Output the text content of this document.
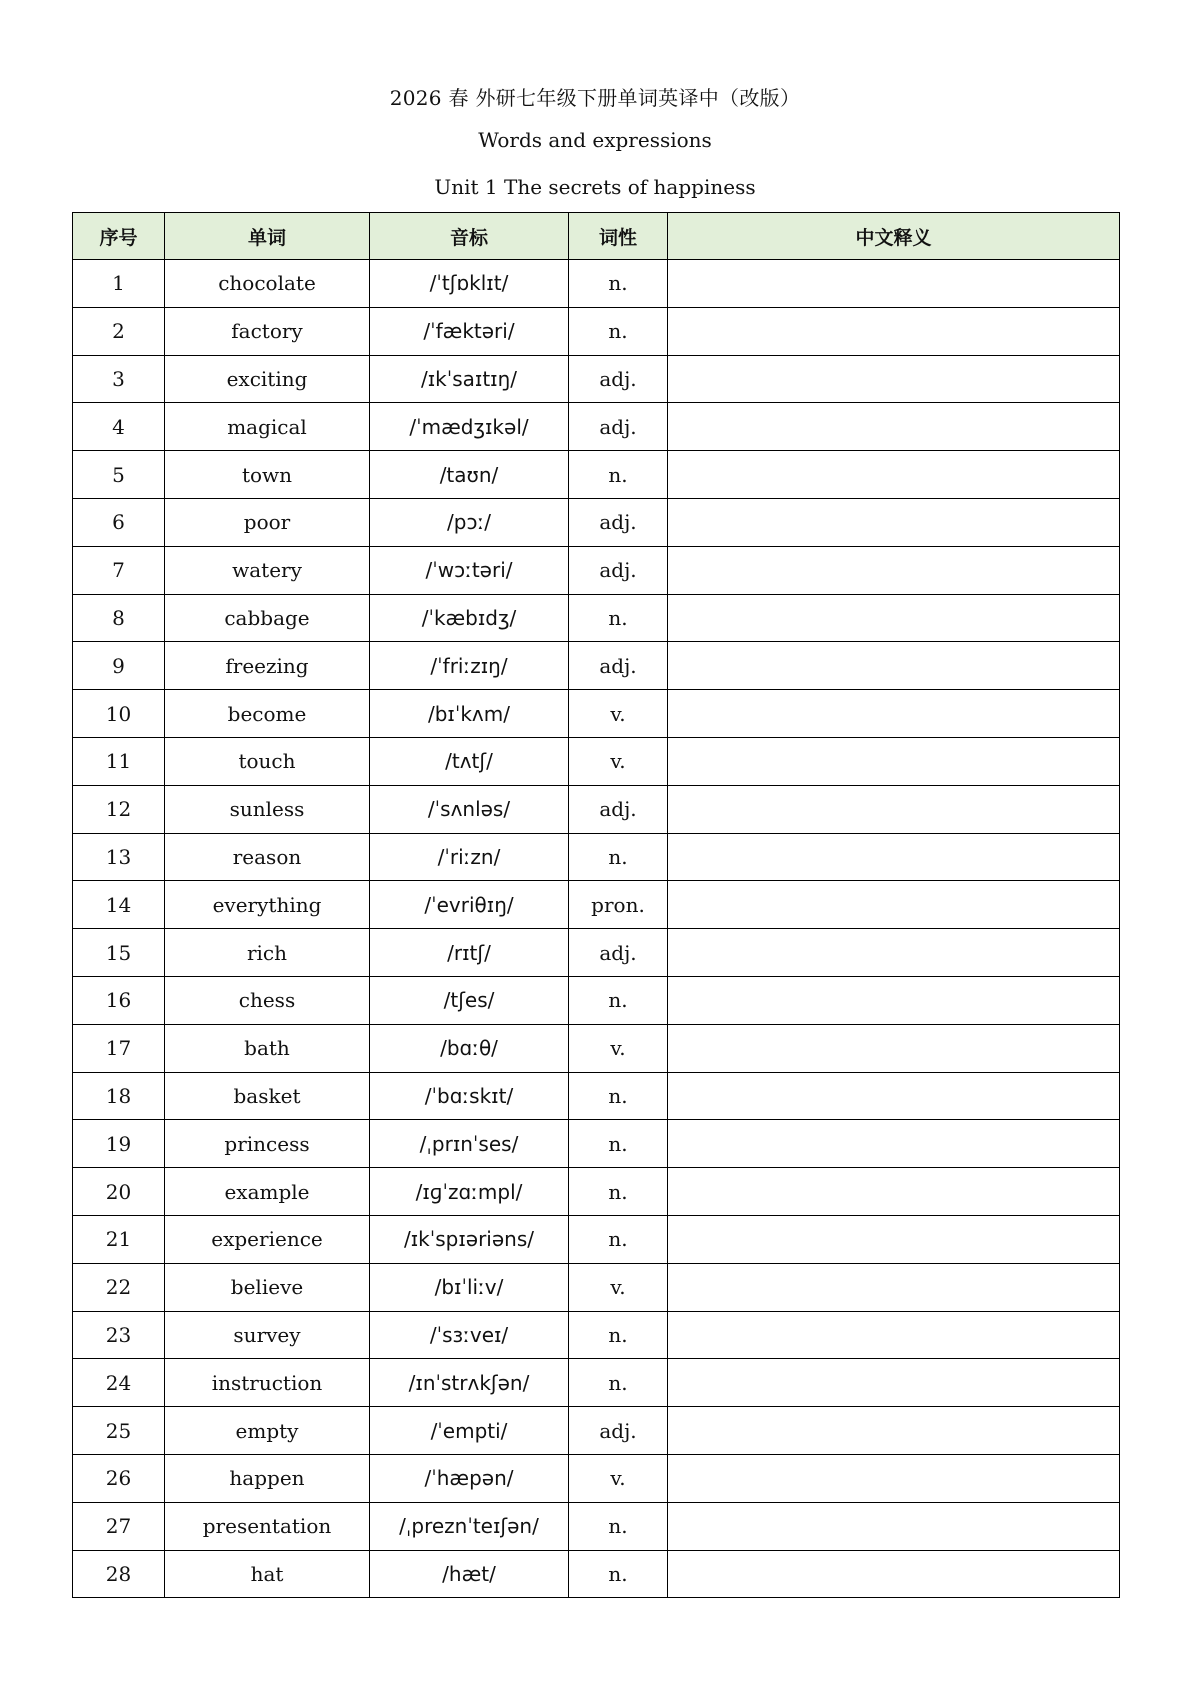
2026 春 外研七年级下册单词英译中（改版）
Words and expressions
Unit 1 The secrets of happiness
序号	单词	音标	词性	中文释义
1	chocolate	/ˈtʃɒklɪt/	n.	
2	factory	/ˈfæktəri/	n.	
3	exciting	/ɪkˈsaɪtɪŋ/	adj.	
4	magical	/ˈmædʒɪkəl/	adj.	
5	town	/taʊn/	n.	
6	poor	/pɔː/	adj.	
7	watery	/ˈwɔːtəri/	adj.	
8	cabbage	/ˈkæbɪdʒ/	n.	
9	freezing	/ˈfriːzɪŋ/	adj.	
10	become	/bɪˈkʌm/	v.	
11	touch	/tʌtʃ/	v.	
12	sunless	/ˈsʌnləs/	adj.	
13	reason	/ˈriːzn/	n.	
14	everything	/ˈevriθɪŋ/	pron.	
15	rich	/rɪtʃ/	adj.	
16	chess	/tʃes/	n.	
17	bath	/bɑːθ/	v.	
18	basket	/ˈbɑːskɪt/	n.	
19	princess	/ˌprɪnˈses/	n.	
20	example	/ɪɡˈzɑːmpl/	n.	
21	experience	/ɪkˈspɪəriəns/	n.	
22	believe	/bɪˈliːv/	v.	
23	survey	/ˈsɜːveɪ/	n.	
24	instruction	/ɪnˈstrʌkʃən/	n.	
25	empty	/ˈempti/	adj.	
26	happen	/ˈhæpən/	v.	
27	presentation	/ˌpreznˈteɪʃən/	n.	
28	hat	/hæt/	n.	
